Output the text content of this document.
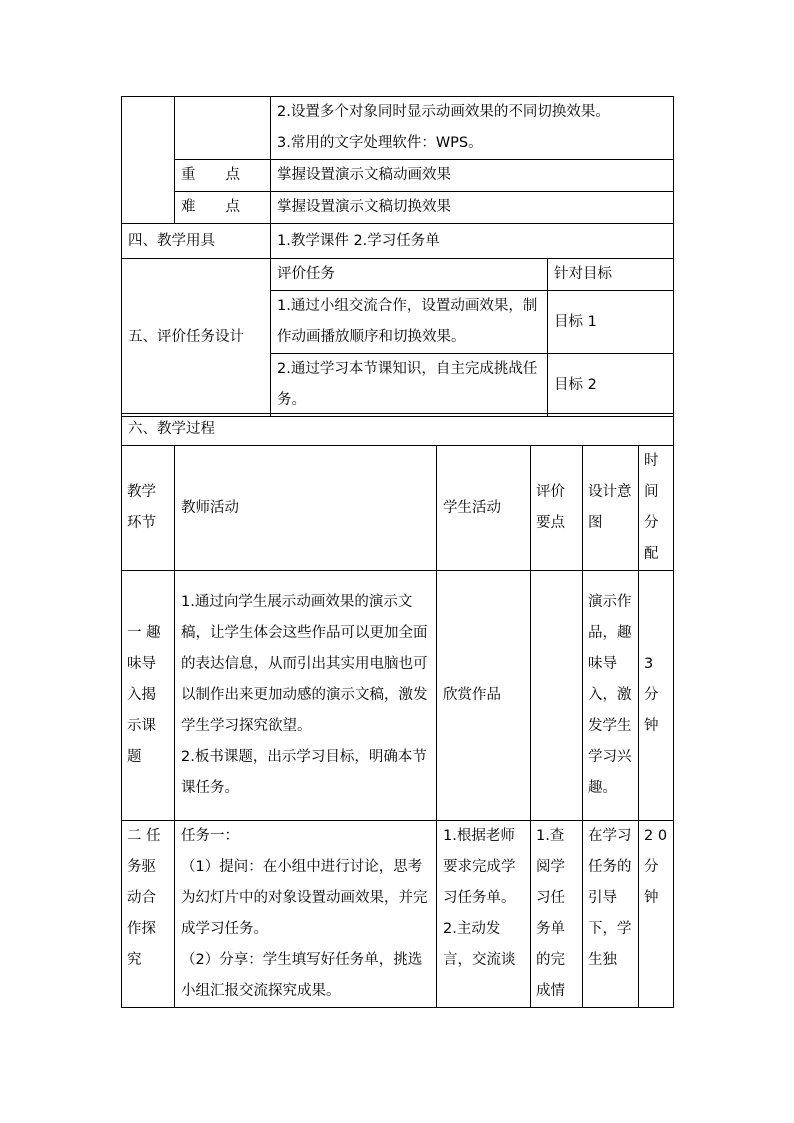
		2.设置多个对象同时显示动画效果的不同切换效果。
3.常用的文字处理软件：WPS。	

	重 点	掌握设置演示文稿动画效果	
	难 点	掌握设置演示文稿切换效果	
四、教学用具		1.教学课件 2.学习任务单	
五、评价任务设计		评价任务	针对目标
		1.通过小组交流合作，设置动画效果，制作动画播放顺序和切换效果。	目标 1
		2.通过学习本节课知识，自主完成挑战任务。	目标 2
六、教学过程					
教学环节	教师活动	学生活动	评价要点	设计意图	时间分配
一 趣味导入揭示课题	1.通过向学生展示动画效果的演示文稿，让学生体会这些作品可以更加全面的表达信息，从而引出其实用电脑也可以制作出来更加动感的演示文稿，激发学生学习探究欲望。
2.板书课题，出示学习目标，明确本节课任务。	欣赏作品		演示作品，趣味导入，激发学生学习兴趣。	3 分钟
二 任务驱动合作探究	任务一：
（1）提问：在小组中进行讨论，思考为幻灯片中的对象设置动画效果，并完成学习任务。
（2）分享：学生填写好任务单，挑选小组汇报交流探究成果。	1.根据老师要求完成学习任务单。2.主动发言，交流谈	1.查阅学习任务单的完成情	在学习任务的引导下，学生独	2 0 分钟
